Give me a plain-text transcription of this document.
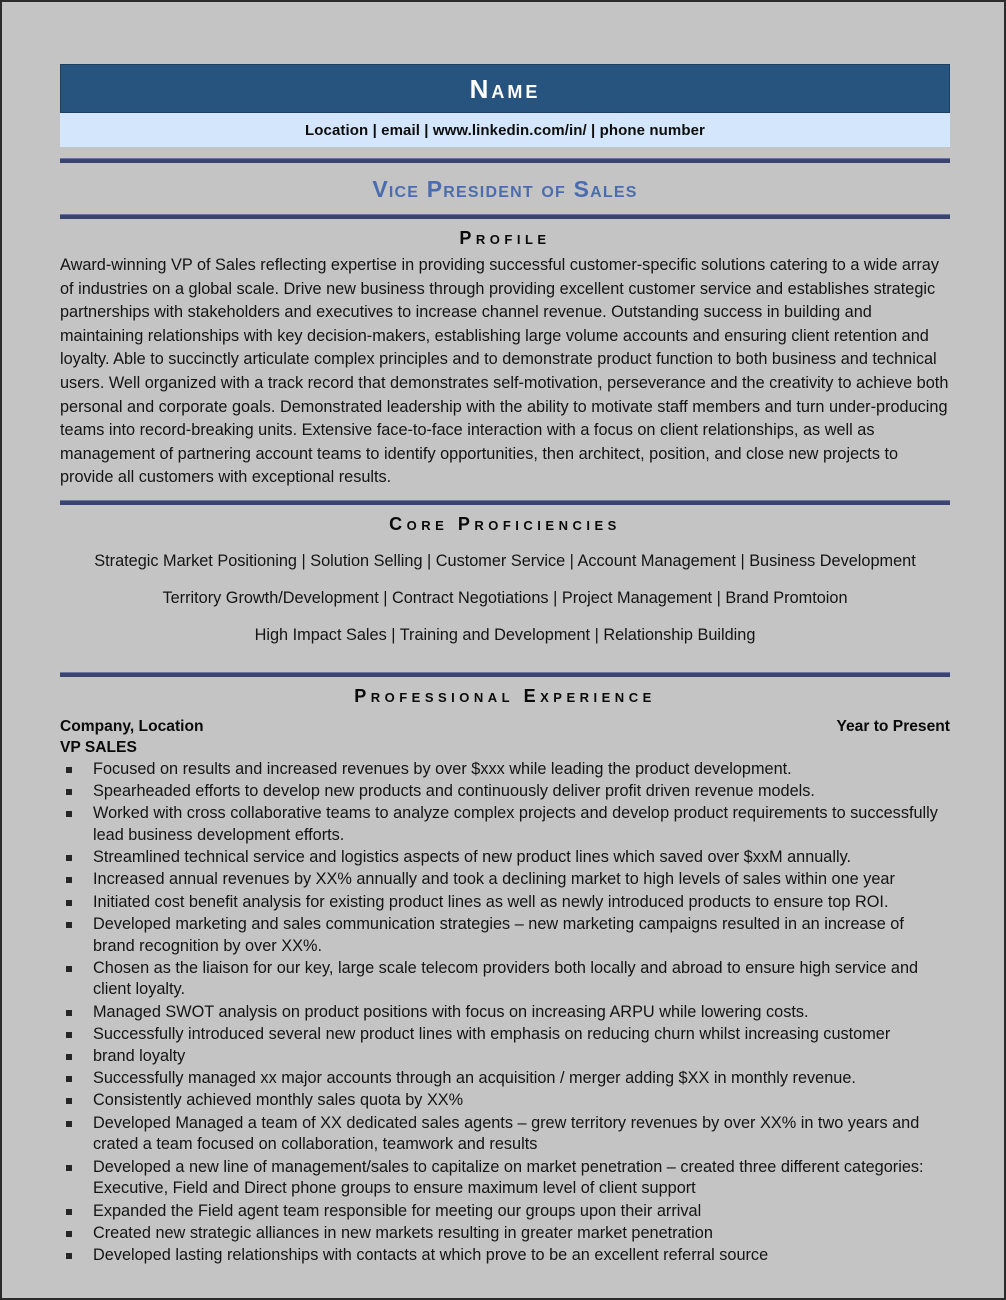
Name
Location | email | www.linkedin.com/in/ | phone number
Vice President of Sales
Profile
Award-winning VP of Sales reflecting expertise in providing successful customer-specific solutions catering to a wide array of industries on a global scale. Drive new business through providing excellent customer service and establishes strategic partnerships with stakeholders and executives to increase channel revenue. Outstanding success in building and maintaining relationships with key decision-makers, establishing large volume accounts and ensuring client retention and loyalty. Able to succinctly articulate complex principles and to demonstrate product function to both business and technical users. Well organized with a track record that demonstrates self-motivation, perseverance and the creativity to achieve both personal and corporate goals. Demonstrated leadership with the ability to motivate staff members and turn under-producing teams into record-breaking units. Extensive face-to-face interaction with a focus on client relationships, as well as management of partnering account teams to identify opportunities, then architect, position, and close new projects to provide all customers with exceptional results.
Core Proficiencies
Strategic Market Positioning | Solution Selling | Customer Service | Account Management | Business Development
Territory Growth/Development | Contract Negotiations | Project Management | Brand Promtoion
High Impact Sales | Training and Development | Relationship Building
Professional Experience
Company, Location	Year to Present
VP SALES
Focused on results and increased revenues by over $xxx while leading the product development.
Spearheaded efforts to develop new products and continuously deliver profit driven revenue models.
Worked with cross collaborative teams to analyze complex projects and develop product requirements to successfully lead business development efforts.
Streamlined technical service and logistics aspects of new product lines which saved over $xxM annually.
Increased annual revenues by XX% annually and took a declining market to high levels of sales within one year
Initiated cost benefit analysis for existing product lines as well as newly introduced products to ensure top ROI.
Developed marketing and sales communication strategies – new marketing campaigns resulted in an increase of brand recognition by over XX%.
Chosen as the liaison for our key, large scale telecom providers both locally and abroad to ensure high service and client loyalty.
Managed SWOT analysis on product positions with focus on increasing ARPU while lowering costs.
Successfully introduced several new product lines with emphasis on reducing churn whilst increasing customer
brand loyalty
Successfully managed xx major accounts through an acquisition / merger adding $XX in monthly revenue.
Consistently achieved monthly sales quota by XX%
Developed Managed a team of XX dedicated sales agents – grew territory revenues by over XX% in two years and crated a team focused on collaboration, teamwork and results
Developed a new line of management/sales to capitalize on market penetration – created three different categories: Executive, Field and Direct phone groups to ensure maximum level of client support
Expanded the Field agent team responsible for meeting our groups upon their arrival
Created new strategic alliances in new markets resulting in greater market penetration
Developed lasting relationships with contacts at which prove to be an excellent referral source
